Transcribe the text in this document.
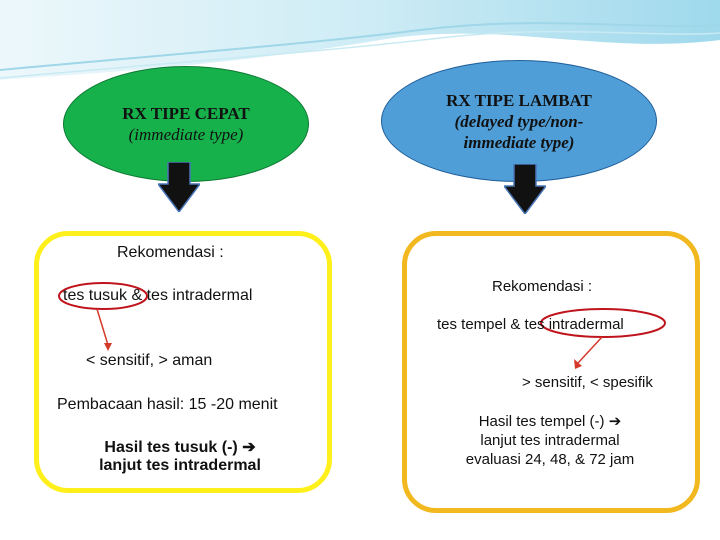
RX TIPE CEPAT
(immediate type)
RX TIPE LAMBAT
(delayed type/non-
immediate type)
Rekomendasi :
tes tusuk & tes intradermal
< sensitif, > aman
Pembacaan hasil: 15 -20 menit
Hasil tes tusuk (-) ➔
lanjut tes intradermal
Rekomendasi :
tes tempel & tes intradermal
> sensitif, < spesifik
Hasil tes tempel (-) ➔
lanjut tes intradermal
evaluasi 24, 48, & 72 jam
